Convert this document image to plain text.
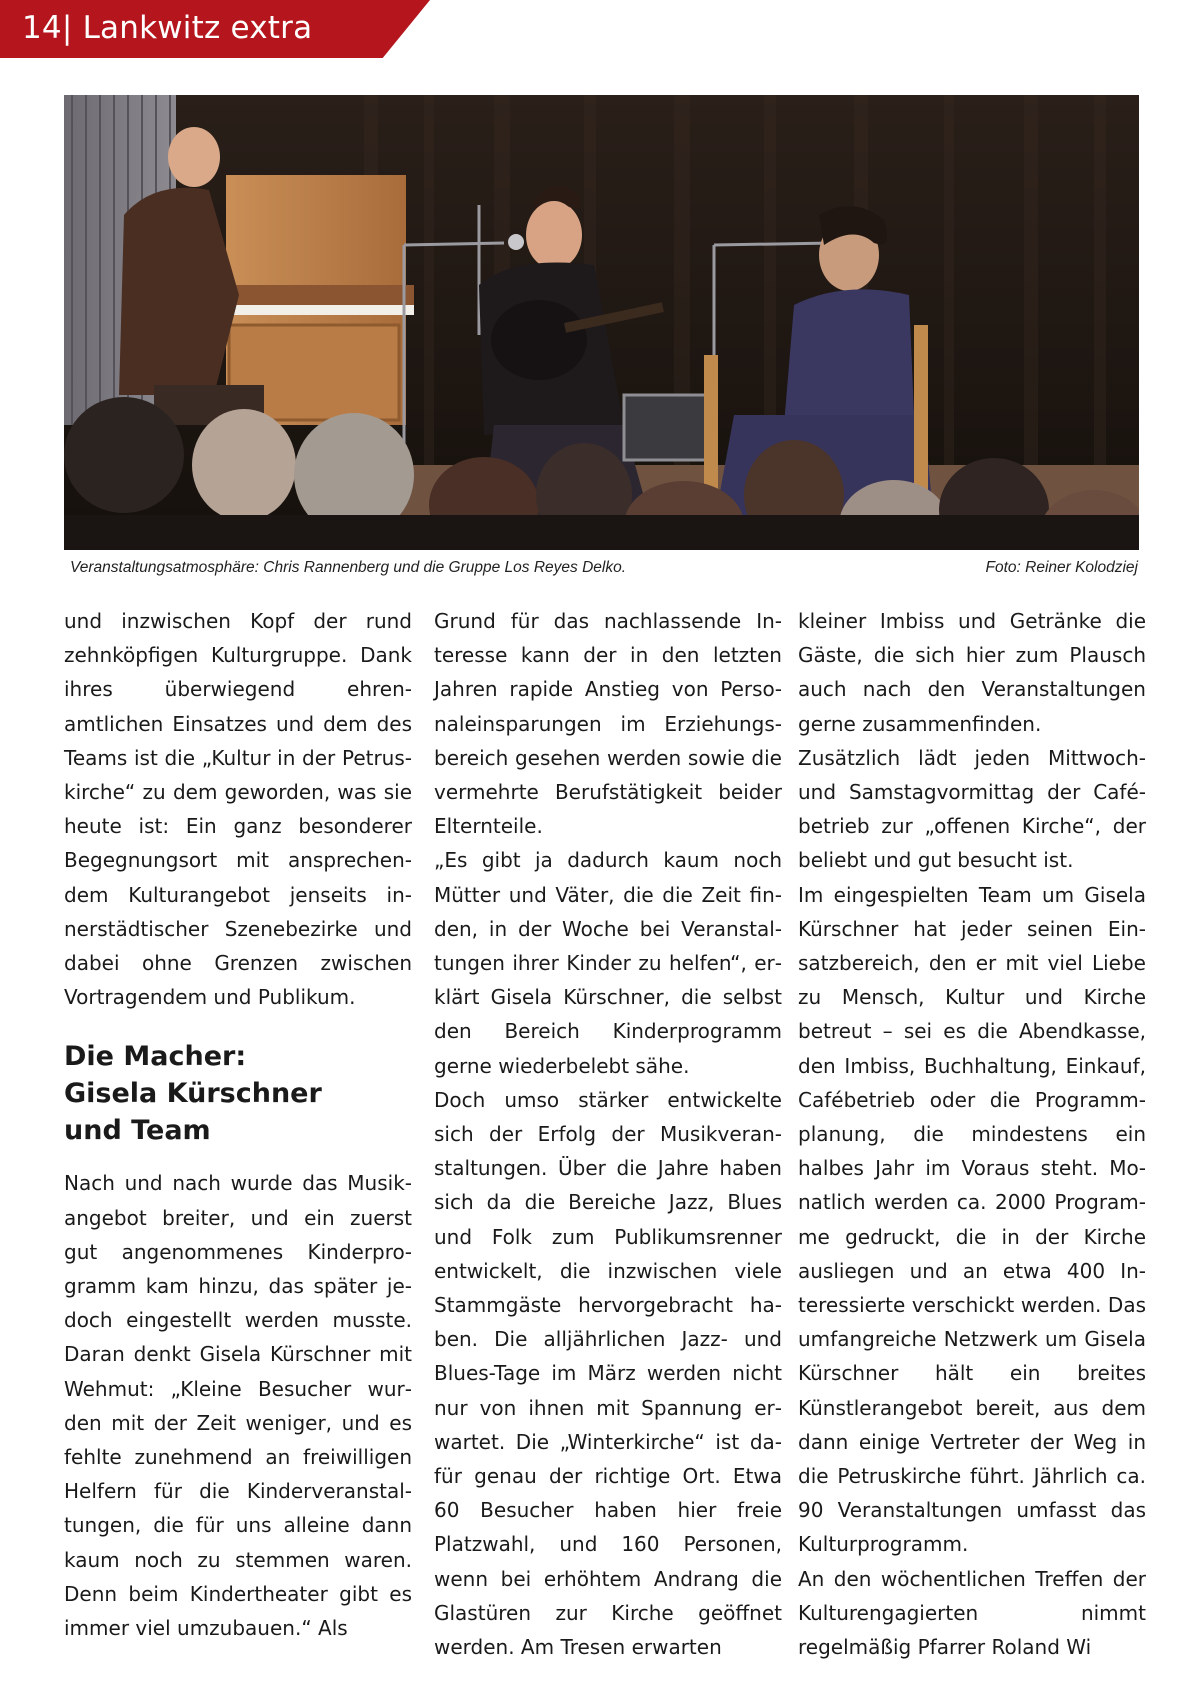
14| Lankwitz extra
Veranstaltungsatmosphäre: Chris Rannenberg und die Gruppe Los Reyes Delko.	Foto: Reiner Kolodziej

und inzwischen Kopf der rund zehnköpfigen Kulturgruppe. Dank ihres überwiegend ehrenamtlichen Einsatzes und dem des Teams ist die „Kultur in der Petruskirche“ zu dem geworden, was sie heute ist: Ein ganz besonderer Begegnungsort mit ansprechendem Kulturangebot jenseits innerstädtischer Szenebezirke und dabei ohne Grenzen zwischen Vortragendem und Publikum.

Die Macher:
Gisela Kürschner
und Team

Nach und nach wurde das Musikangebot breiter, und ein zuerst gut angenommenes Kinderprogramm kam hinzu, das später jedoch eingestellt werden musste. Daran denkt Gisela Kürschner mit Wehmut: „Kleine Besucher wurden mit der Zeit weniger, und es fehlte zunehmend an freiwilligen Helfern für die Kinderveranstaltungen, die für uns alleine dann kaum noch zu stemmen waren. Denn beim Kindertheater gibt es immer viel umzubauen.“ Als

Grund für das nachlassende Interesse kann der in den letzten Jahren rapide Anstieg von Personaleinsparungen im Erziehungsbereich gesehen werden sowie die vermehrte Berufstätigkeit beider Elternteile.

„Es gibt ja dadurch kaum noch Mütter und Väter, die die Zeit finden, in der Woche bei Veranstaltungen ihrer Kinder zu helfen“, erklärt Gisela Kürschner, die selbst den Bereich Kinderprogramm gerne wiederbelebt sähe.

Doch umso stärker entwickelte sich der Erfolg der Musikveranstaltungen. Über die Jahre haben sich da die Bereiche Jazz, Blues und Folk zum Publikumsrenner entwickelt, die inzwischen viele Stammgäste hervorgebracht haben. Die alljährlichen Jazz- und Blues-Tage im März werden nicht nur von ihnen mit Spannung erwartet. Die „Winterkirche“ ist dafür genau der richtige Ort. Etwa 60 Besucher haben hier freie Platzwahl, und 160 Personen, wenn bei erhöhtem Andrang die Glastüren zur Kirche geöffnet werden. Am Tresen erwarten

kleiner Imbiss und Getränke die Gäste, die sich hier zum Plausch auch nach den Veranstaltungen gerne zusammenfinden.

Zusätzlich lädt jeden Mittwoch- und Samstagvormittag der Cafébetrieb zur „offenen Kirche“, der beliebt und gut besucht ist.

Im eingespielten Team um Gisela Kürschner hat jeder seinen Einsatzbereich, den er mit viel Liebe zu Mensch, Kultur und Kirche betreut – sei es die Abendkasse, den Imbiss, Buchhaltung, Einkauf, Cafébetrieb oder die Programmplanung, die mindestens ein halbes Jahr im Voraus steht. Monatlich werden ca. 2000 Programme gedruckt, die in der Kirche ausliegen und an etwa 400 Interessierte verschickt werden. Das umfangreiche Netzwerk um Gisela Kürschner hält ein breites Künstlerangebot bereit, aus dem dann einige Vertreter der Weg in die Petruskirche führt. Jährlich ca. 90 Veranstaltungen umfasst das Kulturprogramm.

An den wöchentlichen Treffen der Kulturengagierten nimmt regelmäßig Pfarrer Roland Wi
